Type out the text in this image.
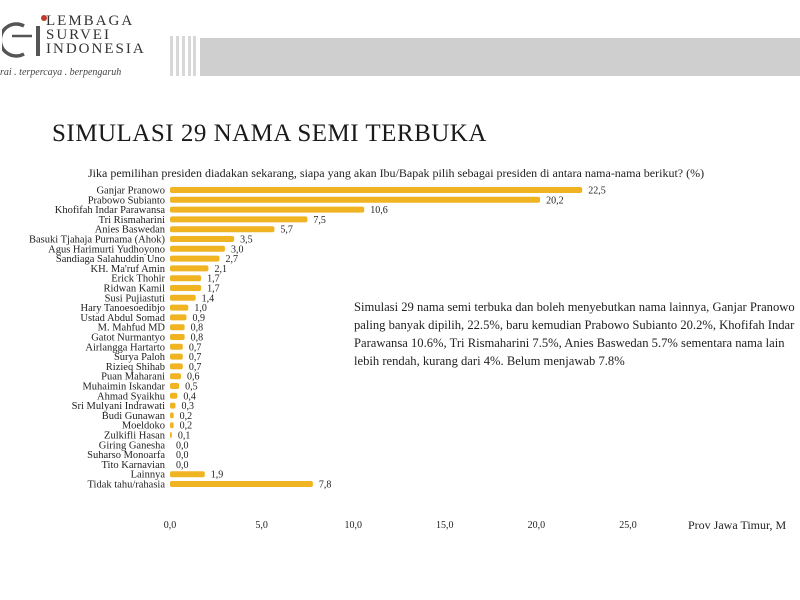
LEMBAGA
SURVEI
INDONESIA
rai . terpercaya . berpengaruh
SIMULASI 29 NAMA SEMI TERBUKA
Jika pemilihan presiden diadakan sekarang, siapa yang akan Ibu/Bapak pilih sebagai presiden di antara nama-nama berikut? (%)
Ganjar Pranowo	22,5
Prabowo Subianto	20,2
Khofifah Indar Parawansa	10,6
Tri Rismaharini	7,5
Anies Baswedan	5,7
Basuki Tjahaja Purnama (Ahok)	3,5
Agus Harimurti Yudhoyono	3,0
Sandiaga Salahuddin Uno	2,7
KH. Ma'ruf Amin	2,1
Erick Thohir	1,7
Ridwan Kamil	1,7
Susi Pujiastuti	1,4
Hary Tanoesoedibjo	1,0
Ustad Abdul Somad	0,9
M. Mahfud MD	0,8
Gatot Nurmantyo	0,8
Airlangga Hartarto 0,7
Surya Paloh 0,7
Rizieq Shihab 0,7
Puan Maharani 0,6
Muhaimin Iskandar 0,5
Ahmad Syaikhu 0,4
Sri Mulyani Indrawati 0,3
Budi Gunawan 0,2
Moeldoko 0,2
Zulkifli Hasan 0,1
Giring Ganesha 0,0
Suharso Monoarfa 0,0
Tito Karnavian 0,0
Lainnya	1,9
Tidak tahu/rahasia	7,8
0,0	5,0	10,0	15,0	20,0	25,0
Simulasi 29 nama semi terbuka dan boleh menyebutkan nama lainnya, Ganjar Pranowo paling banyak dipilih, 22.5%, baru kemudian Prabowo Subianto 20.2%, Khofifah Indar Parawansa 10.6%, Tri Rismaharini 7.5%, Anies Baswedan 5.7% sementara nama lain lebih rendah, kurang dari 4%. Belum menjawab 7.8%
Prov Jawa Timur, M
